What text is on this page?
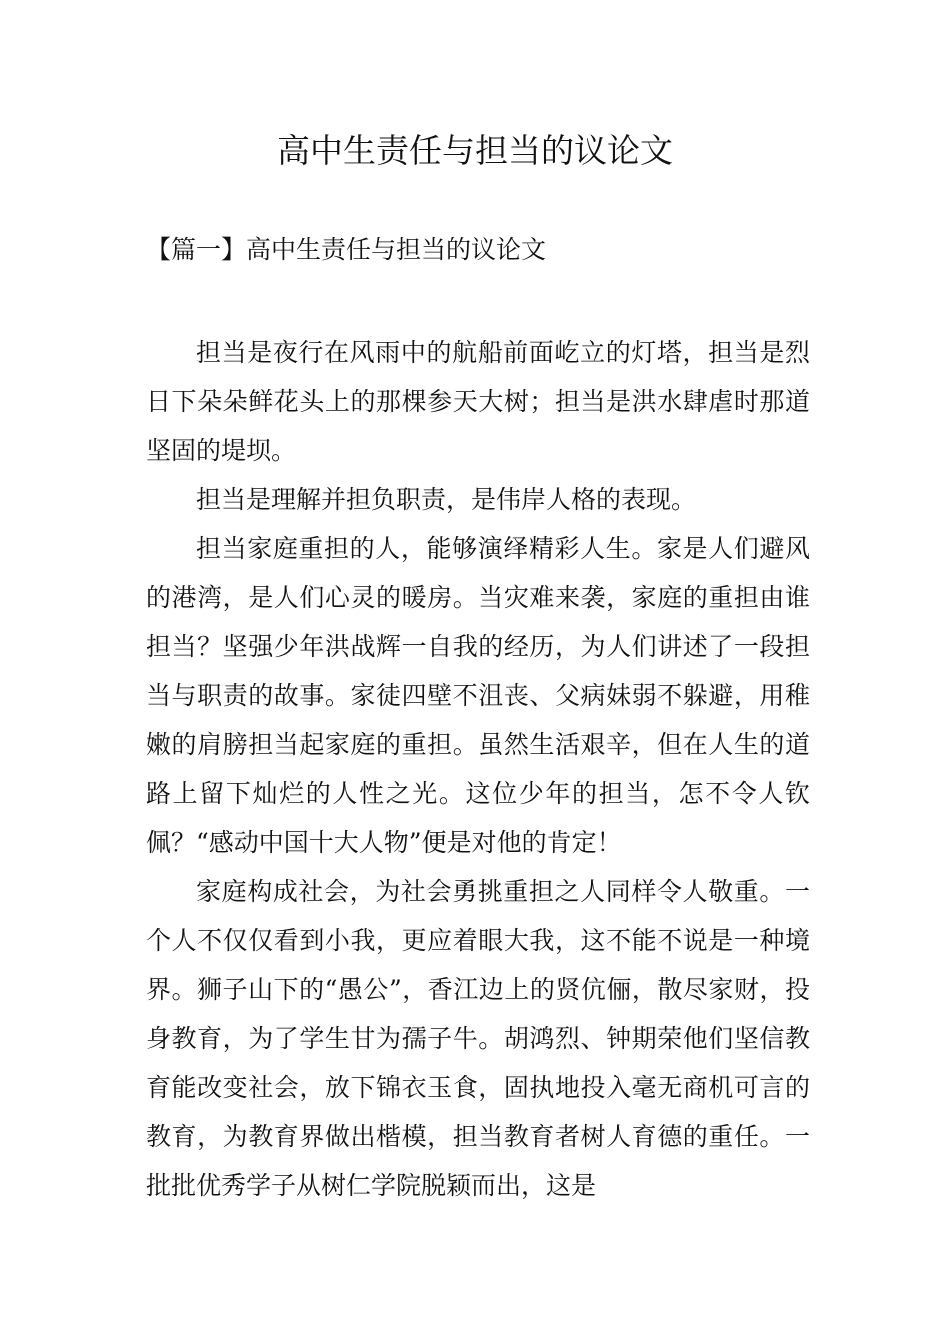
高中生责任与担当的议论文
【篇一】高中生责任与担当的议论文

担当是夜行在风雨中的航船前面屹立的灯塔，担当是烈日下朵朵鲜花头上的那棵参天大树；担当是洪水肆虐时那道坚固的堤坝。

担当是理解并担负职责，是伟岸人格的表现。

担当家庭重担的人，能够演绎精彩人生。家是人们避风的港湾，是人们心灵的暖房。当灾难来袭，家庭的重担由谁担当？坚强少年洪战辉一自我的经历，为人们讲述了一段担当与职责的故事。家徒四壁不沮丧、父病妹弱不躲避，用稚嫩的肩膀担当起家庭的重担。虽然生活艰辛，但在人生的道路上留下灿烂的人性之光。这位少年的担当，怎不令人钦佩？“感动中国十大人物”便是对他的肯定！

家庭构成社会，为社会勇挑重担之人同样令人敬重。一个人不仅仅看到小我，更应着眼大我，这不能不说是一种境界。狮子山下的“愚公”，香江边上的贤伉俪，散尽家财，投身教育，为了学生甘为孺子牛。胡鸿烈、钟期荣他们坚信教育能改变社会，放下锦衣玉食，固执地投入毫无商机可言的教育，为教育界做出楷模，担当教育者树人育德的重任。一批批优秀学子从树仁学院脱颖而出，这是
